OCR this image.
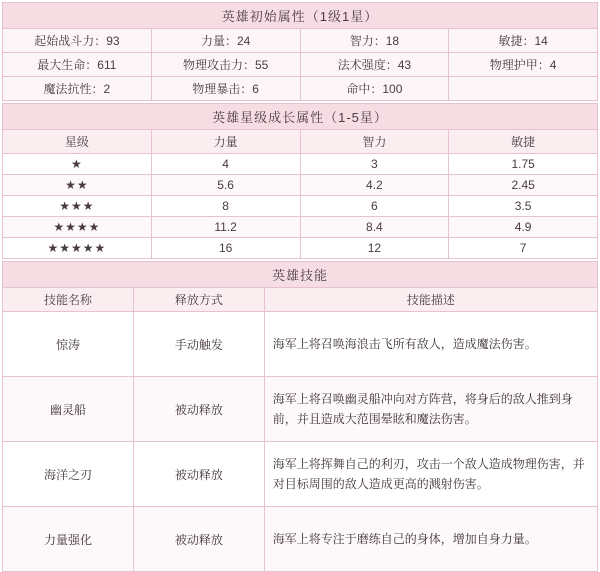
英雄初始属性（1级1星）			
起始战斗力：93	力量：24	智力：18	敏捷：14
最大生命：611	物理攻击力：55	法术强度：43	物理护甲：4
魔法抗性：2	物理暴击：6	命中：100	
英雄星级成长属性（1-5星）			
星级	力量	智力	敏捷
★	4	3	1.75
★★	5.6	4.2	2.45
★★★	8	6	3.5
★★★★	11.2	8.4	4.9
★★★★★	16	12	7
英雄技能		
技能名称	释放方式	技能描述
惊涛	手动触发	海军上将召唤海浪击飞所有敌人，造成魔法伤害。
幽灵船	被动释放	海军上将召唤幽灵船冲向对方阵营，将身后的敌人推到身前，并且造成大范围晕眩和魔法伤害。
海洋之刃	被动释放	海军上将挥舞自己的利刃，攻击一个敌人造成物理伤害，并对目标周围的敌人造成更高的溅射伤害。
力量强化	被动释放	海军上将专注于磨练自己的身体，增加自身力量。
